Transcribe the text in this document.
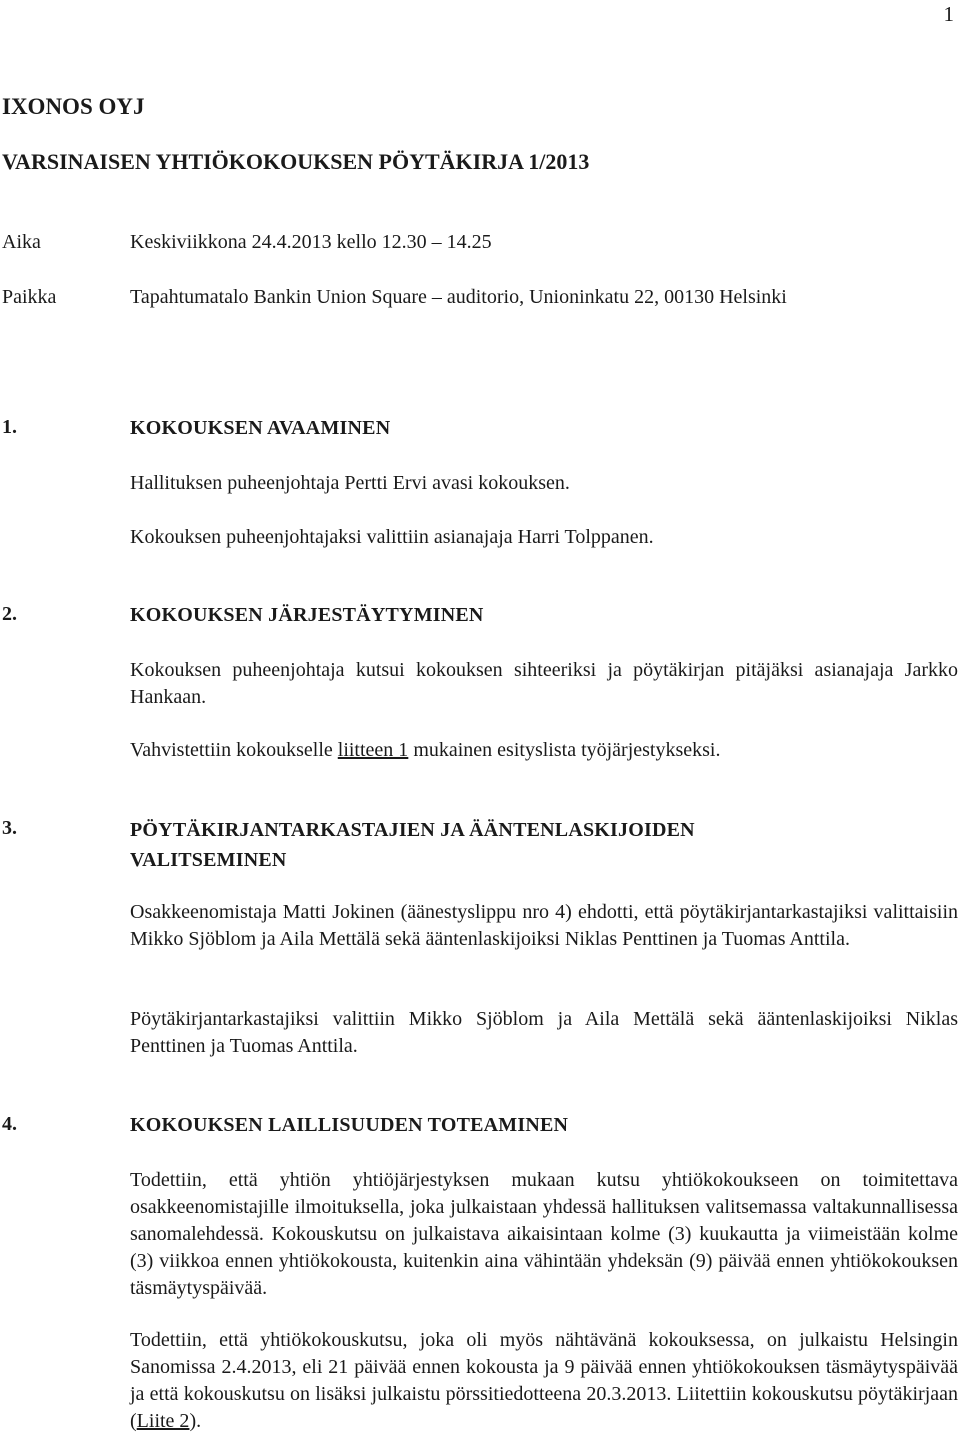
1
IXONOS OYJ
VARSINAISEN YHTIÖKOKOUKSEN PÖYTÄKIRJA 1/2013
Aika	Keskiviikkona 24.4.2013 kello 12.30 – 14.25
Paikka	Tapahtumatalo Bankin Union Square – auditorio, Unioninkatu 22, 00130 Helsinki
1.	KOKOUKSEN AVAAMINEN
Hallituksen puheenjohtaja Pertti Ervi avasi kokouksen.
Kokouksen puheenjohtajaksi valittiin asianajaja Harri Tolppanen.
2.	KOKOUKSEN JÄRJESTÄYTYMINEN
Kokouksen puheenjohtaja kutsui kokouksen sihteeriksi ja pöytäkirjan pitäjäksi asianajaja Jarkko Hankaan.
Vahvistettiin kokoukselle liitteen 1 mukainen esityslista työjärjestykseksi.
3.	PÖYTÄKIRJANTARKASTAJIEN JA ÄÄNTENLASKIJOIDEN VALITSEMINEN
Osakkeenomistaja Matti Jokinen (äänestyslippu nro 4) ehdotti, että pöytäkirjantarkastajiksi valittaisiin Mikko Sjöblom ja Aila Mettälä sekä ääntenlaskijoiksi Niklas Penttinen ja Tuomas Anttila.
Pöytäkirjantarkastajiksi valittiin Mikko Sjöblom ja Aila Mettälä sekä ääntenlaskijoiksi Niklas Penttinen ja Tuomas Anttila.
4.	KOKOUKSEN LAILLISUUDEN TOTEAMINEN
Todettiin, että yhtiön yhtiöjärjestyksen mukaan kutsu yhtiökokoukseen on toimitettava osakkeenomistajille ilmoituksella, joka julkaistaan yhdessä hallituksen valitsemassa valtakunnallisessa sanomalehdessä. Kokouskutsu on julkaistava aikaisintaan kolme (3) kuukautta ja viimeistään kolme (3) viikkoa ennen yhtiökokousta, kuitenkin aina vähintään yhdeksän (9) päivää ennen yhtiökokouksen täsmäytyspäivää.
Todettiin, että yhtiökokouskutsu, joka oli myös nähtävänä kokouksessa, on julkaistu Helsingin Sanomissa 2.4.2013, eli 21 päivää ennen kokousta ja 9 päivää ennen yhtiökokouksen täsmäytyspäivää ja että kokouskutsu on lisäksi julkaistu pörssitiedotteena 20.3.2013. Liitettiin kokouskutsu pöytäkirjaan (Liite 2).
